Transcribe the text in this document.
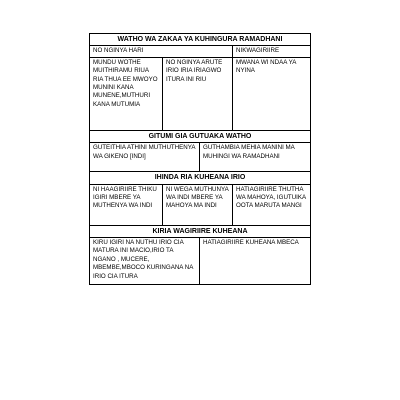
WATHO WA ZAKAA YA KUHINGURA RAMADHANI
NO NGINYA HARI	NIKWAGIRIIRE
MUNDU WOTHE MUITHIRAMU RIUA RIA THUA EE MWOYO MUNINI KANA MUNENE,MUTHURI KANA MUTUMIA
NO NGINYA ARUTE IRIO IRIA IRIAGWO ITURA INI RIU
MWANA WI NDAA YA NYINA
GITUMI GIA GUTUAKA WATHO
GUTEITHIA ATHINI MUTHUTHENYA WA GIKENO [INDI]
GUTHAMBIA MEHIA MANINI MA MUHINGI WA RAMADHANI
IHINDA RIA KUHEANA IRIO
NI HAAGIRIIRE THIKU IGIRI MBERE YA MUTHENYA WA INDI
NI WEGA MUTHUNYA WA INDI MBERE YA MAHOYA MA INDI
HATIAGIRIIRE THUTHA WA MAHOYA, IGUTUIKA OOTA MARUTA MANGI
KIRIA WAGIRIIRE KUHEANA
KIRU IGIRI NA NUTHU IRIO CIA MATURA INI MACIO,IRIO TA NGANO , MUCERE, MBEMBE,MBOCO KURINGANA NA IRIO CIA ITURA
HATIAGIRIIRE KUHEANA MBECA
